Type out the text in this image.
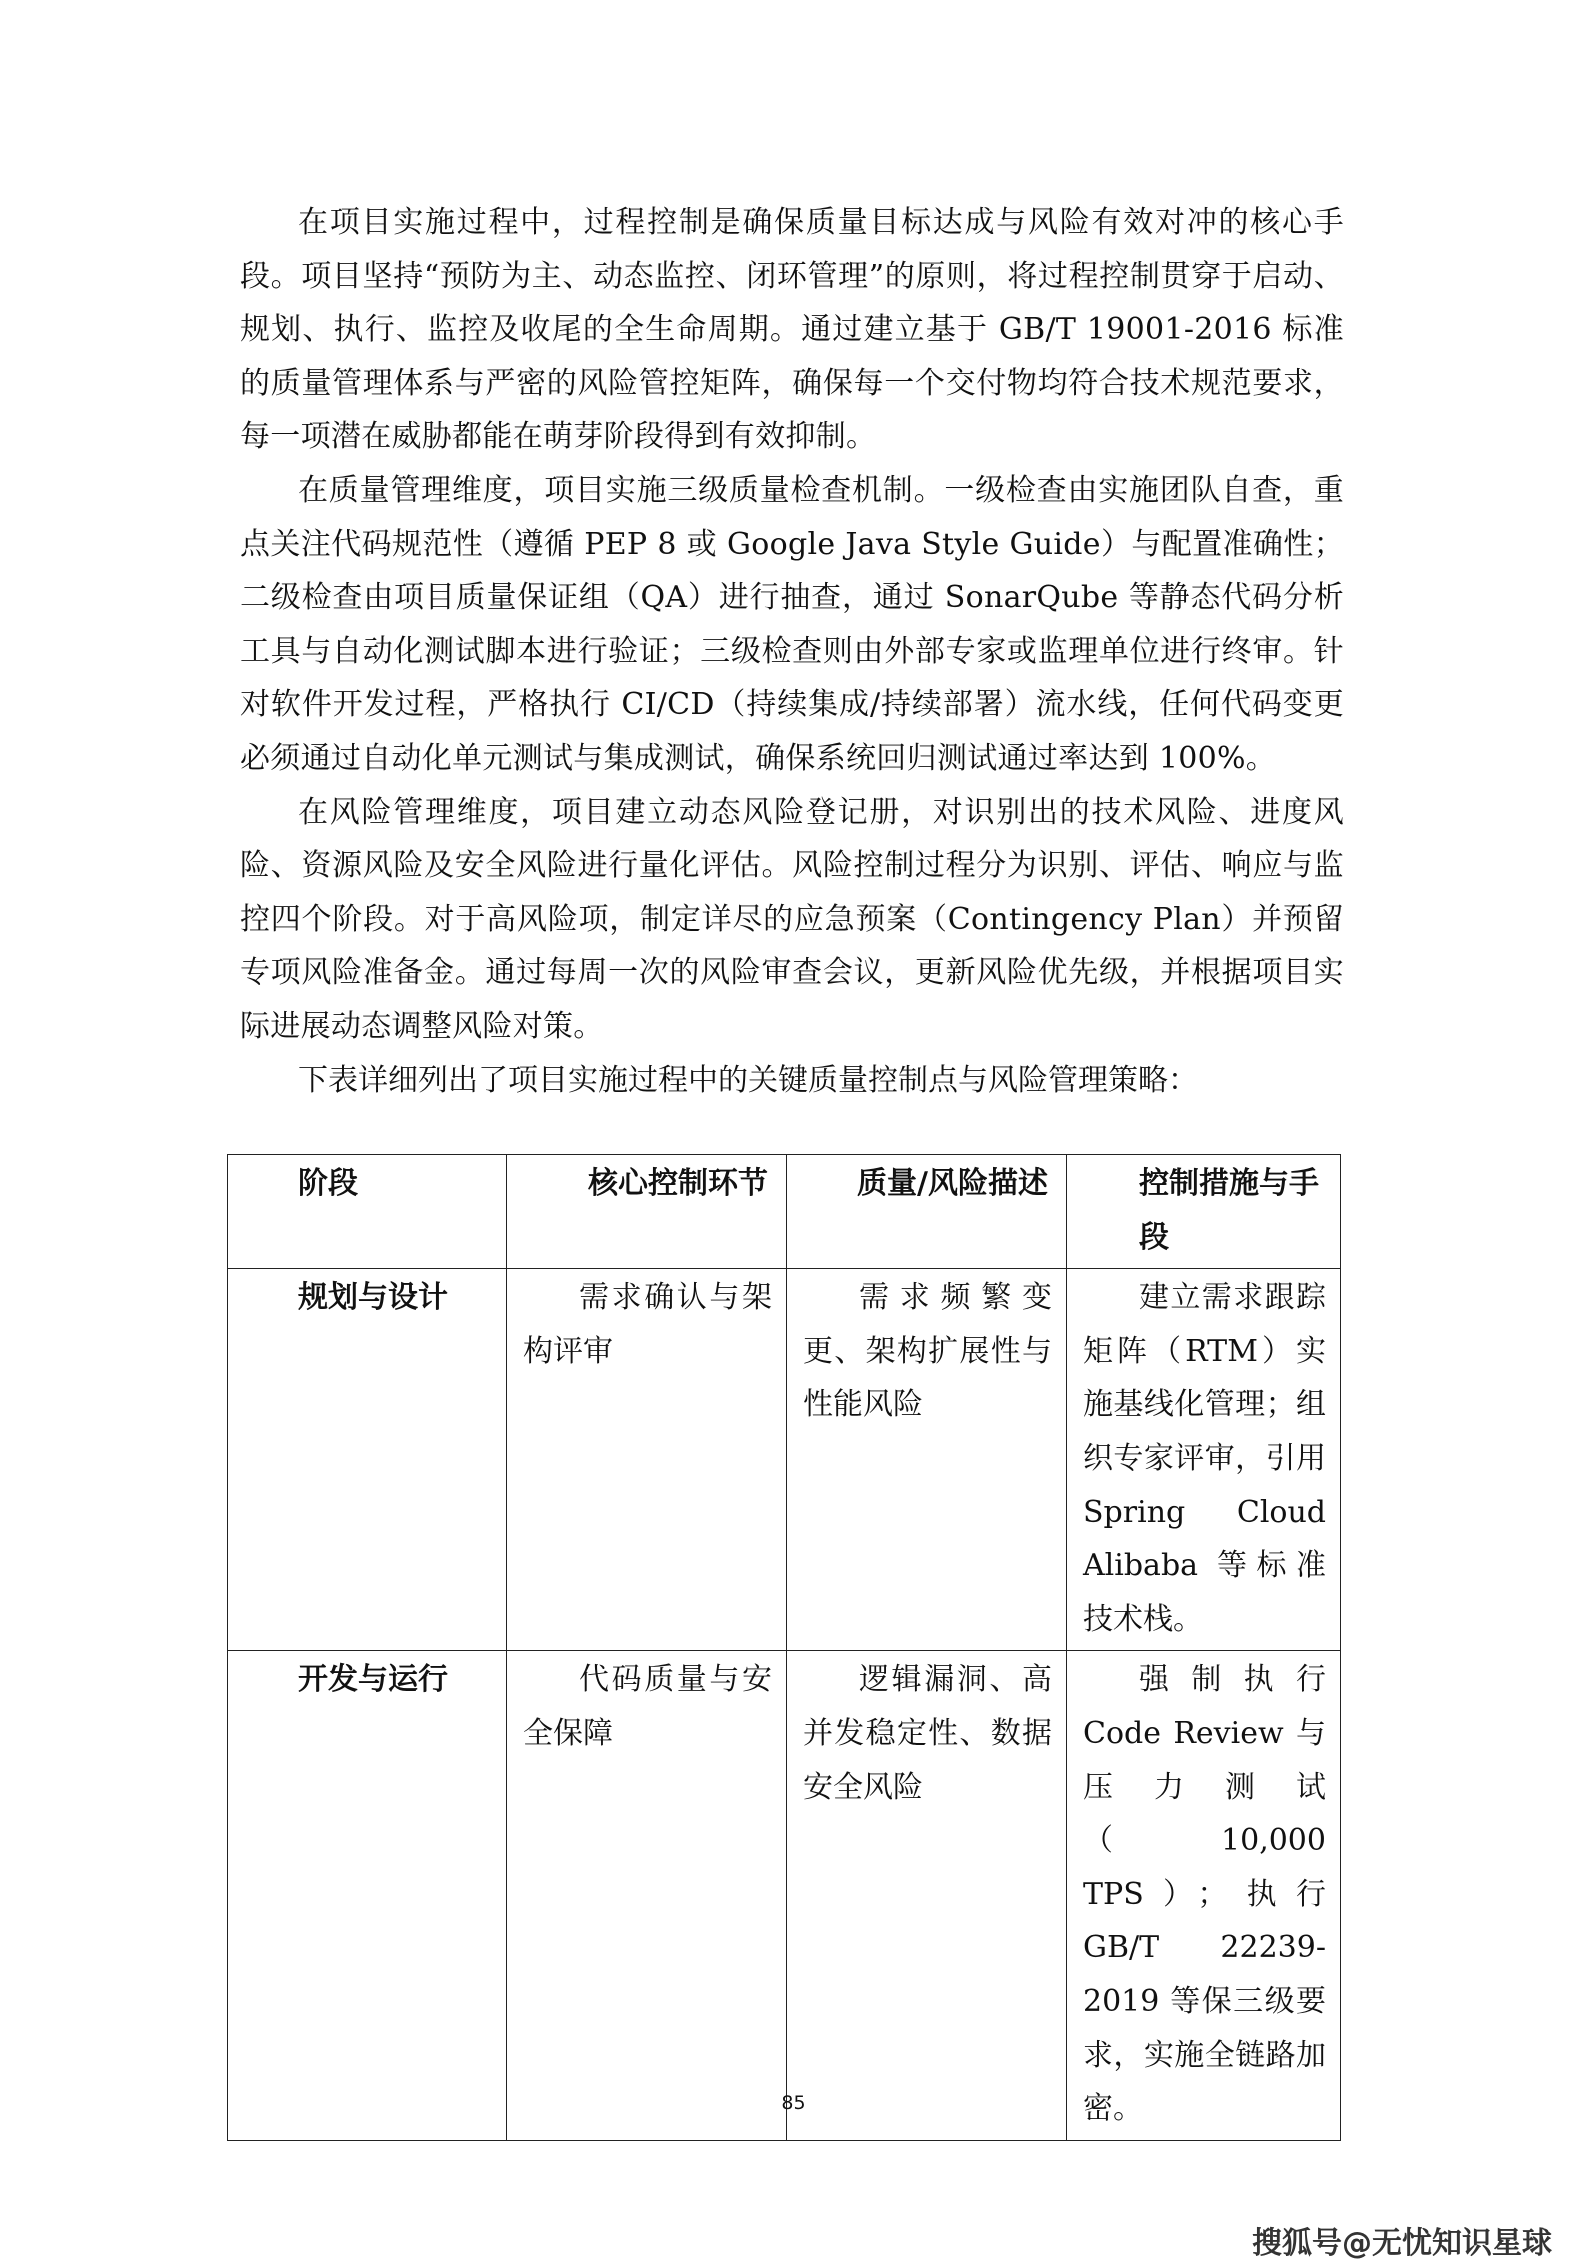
在项目实施过程中，过程控制是确保质量目标达成与风险有效对冲的核心手段。项目坚持“预防为主、动态监控、闭环管理”的原则，将过程控制贯穿于启动、规划、执行、监控及收尾的全生命周期。通过建立基于 GB/T 19001-2016 标准的质量管理体系与严密的风险管控矩阵，确保每一个交付物均符合技术规范要求，每一项潜在威胁都能在萌芽阶段得到有效抑制。

在质量管理维度，项目实施三级质量检查机制。一级检查由实施团队自查，重点关注代码规范性（遵循 PEP 8 或 Google Java Style Guide）与配置准确性；二级检查由项目质量保证组（QA）进行抽查，通过 SonarQube 等静态代码分析工具与自动化测试脚本进行验证；三级检查则由外部专家或监理单位进行终审。针对软件开发过程，严格执行 CI/CD（持续集成/持续部署）流水线，任何代码变更必须通过自动化单元测试与集成测试，确保系统回归测试通过率达到 100%。

在风险管理维度，项目建立动态风险登记册，对识别出的技术风险、进度风险、资源风险及安全风险进行量化评估。风险控制过程分为识别、评估、响应与监控四个阶段。对于高风险项，制定详尽的应急预案（Contingency Plan）并预留专项风险准备金。通过每周一次的风险审查会议，更新风险优先级，并根据项目实际进展动态调整风险对策。

下表详细列出了项目实施过程中的关键质量控制点与风险管理策略：

阶段	核心控制环节	质量/风险描述	控制措施与手段
规划与设计	需求确认与架构评审	需求频繁变更、架构扩展性与性能风险	建立需求跟踪矩阵（RTM）实施基线化管理；组织专家评审，引用 Spring Cloud Alibaba 等标准技术栈。
开发与运行	代码质量与安全保障	逻辑漏洞、高并发稳定性、数据安全风险	强制执行 Code Review 与压力测试（10,000 TPS）；执行 GB/T 22239-2019 等保三级要求，实施全链路加密。
85
搜狐号@无忧知识星球
